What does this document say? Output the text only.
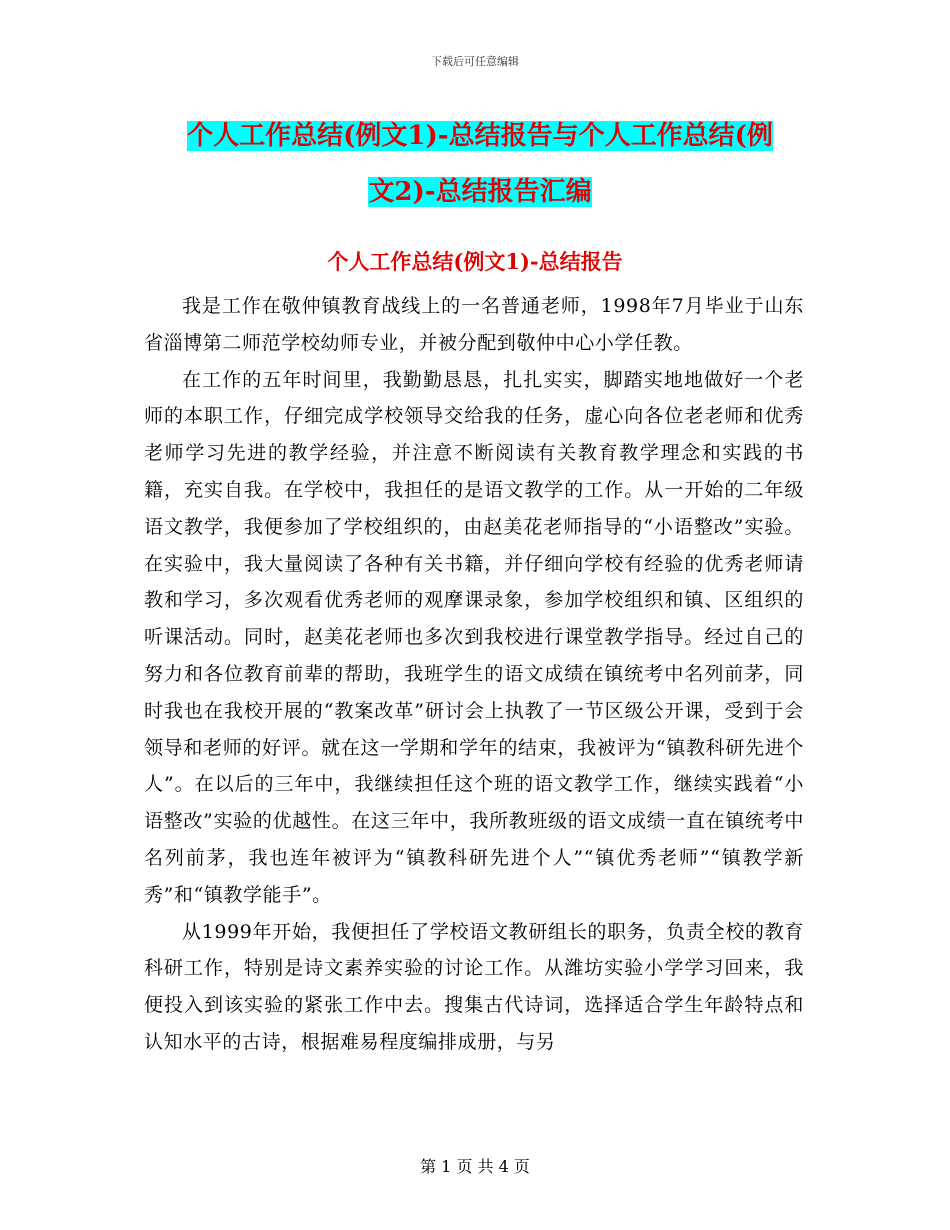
下载后可任意编辑
个人工作总结(例文1)-总结报告与个人工作总结(例
文2)-总结报告汇编
个人工作总结(例文1)-总结报告

我是工作在敬仲镇教育战线上的一名普通老师，1998年7月毕业于山东省淄博第二师范学校幼师专业，并被分配到敬仲中心小学任教。

在工作的五年时间里，我勤勤恳恳，扎扎实实，脚踏实地地做好一个老师的本职工作，仔细完成学校领导交给我的任务，虚心向各位老老师和优秀老师学习先进的教学经验，并注意不断阅读有关教育教学理念和实践的书籍，充实自我。在学校中，我担任的是语文教学的工作。从一开始的二年级语文教学，我便参加了学校组织的，由赵美花老师指导的“小语整改”实验。在实验中，我大量阅读了各种有关书籍，并仔细向学校有经验的优秀老师请教和学习，多次观看优秀老师的观摩课录象，参加学校组织和镇、区组织的听课活动。同时，赵美花老师也多次到我校进行课堂教学指导。经过自己的努力和各位教育前辈的帮助，我班学生的语文成绩在镇统考中名列前茅，同时我也在我校开展的“教案改革”研讨会上执教了一节区级公开课，受到于会领导和老师的好评。就在这一学期和学年的结束，我被评为“镇教科研先进个人”。在以后的三年中，我继续担任这个班的语文教学工作，继续实践着“小语整改”实验的优越性。在这三年中，我所教班级的语文成绩一直在镇统考中名列前茅，我也连年被评为“镇教科研先进个人”“镇优秀老师”“镇教学新秀”和“镇教学能手”。

从1999年开始，我便担任了学校语文教研组长的职务，负责全校的教育科研工作，特别是诗文素养实验的讨论工作。从潍坊实验小学学习回来，我便投入到该实验的紧张工作中去。搜集古代诗词，选择适合学生年龄特点和认知水平的古诗，根据难易程度编排成册，与另

第 1 页 共 4 页
